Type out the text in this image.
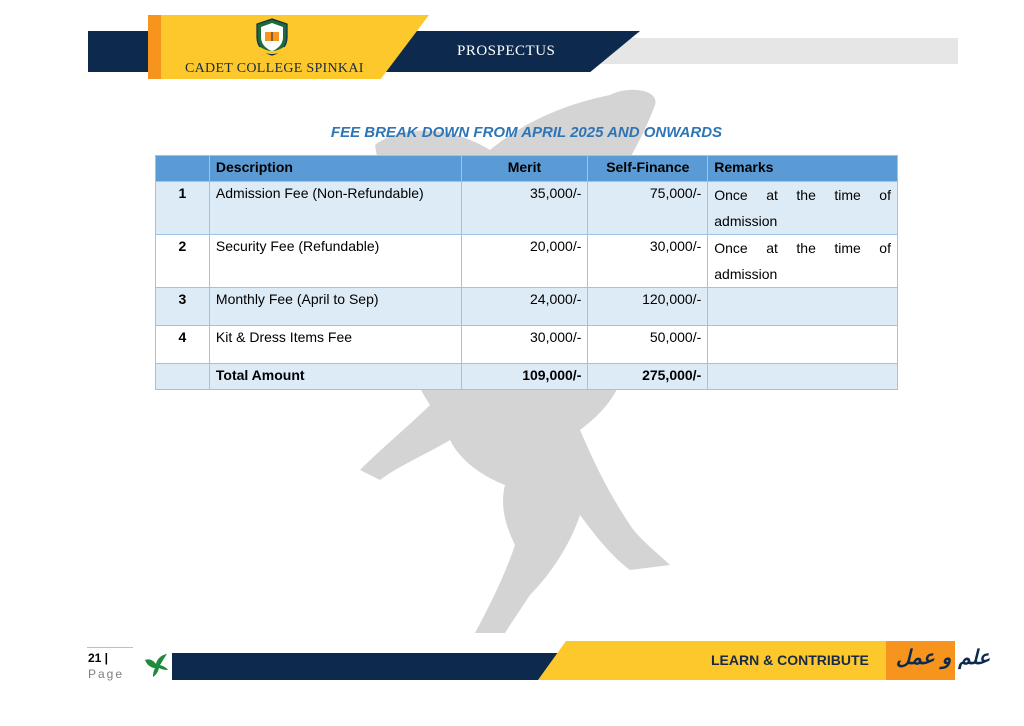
CADET COLLEGE SPINKAI
PROSPECTUS
FEE BREAK DOWN FROM APRIL 2025 AND ONWARDS
	Description	Merit	Self-Finance	Remarks
1	Admission Fee (Non-Refundable)	35,000/-	75,000/-	Once at the time of
admission

2	Security Fee (Refundable)	20,000/-	30,000/-	Once at the time of
admission

3	Monthly Fee (April to Sep)	24,000/-	120,000/-	
4	Kit & Dress Items Fee	30,000/-	50,000/-	
	Total Amount	109,000/-	275,000/-	
21 |
Page
LEARN & CONTRIBUTE علم و عمل
